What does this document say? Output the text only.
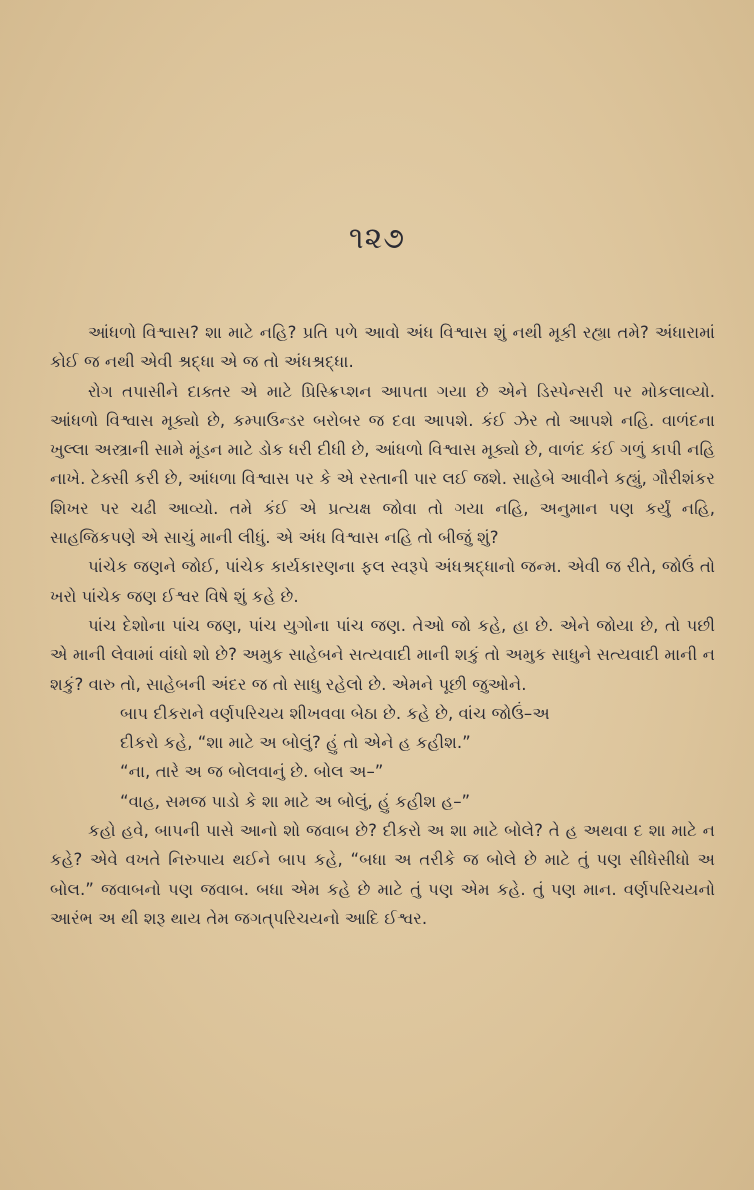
૧૨૭

આંધળો વિશ્વાસ? શા માટે નહિ? પ્રતિ પળે આવો અંધ વિશ્વાસ શું નથી મૂકી રહ્યા તમે? અંધારામાં કોઈ જ નથી એવી શ્રદ્ધા એ જ તો અંધશ્રદ્ધા.

રોગ તપાસીને દાક્તર એ માટે પ્રિસ્ક્રિપ્શન આપતા ગયા છે એને ડિસ્પેન્સરી પર મોકલાવ્યો. આંધળો વિશ્વાસ મૂક્યો છે, કમ્પાઉન્ડર બરોબર જ દવા આપશે. કંઈ ઝેર તો આપશે નહિ. વાળંદના ખુલ્લા અસ્ત્રાની સામે મૂંડન માટે ડોક ધરી દીધી છે, આંધળો વિશ્વાસ મૂક્યો છે, વાળંદ કંઈ ગળું કાપી નહિ નાખે. ટેક્સી કરી છે, આંધળા વિશ્વાસ પર કે એ રસ્તાની પાર લઈ જશે. સાહેબે આવીને કહ્યું, ગૌરીશંકર શિખર પર ચઢી આવ્યો. તમે કંઈ એ પ્રત્યક્ષ જોવા તો ગયા નહિ, અનુમાન પણ કર્યું નહિ, સાહજિકપણે એ સાચું માની લીધું. એ અંધ વિશ્વાસ નહિ તો બીજું શું?

પાંચેક જણને જોઈ, પાંચેક કાર્યકારણના ફલ સ્વરૂપે અંધશ્રદ્ધાનો જન્મ. એવી જ રીતે, જોઉં તો ખરો પાંચેક જણ ઈશ્વર વિષે શું કહે છે.

પાંચ દેશોના પાંચ જણ, પાંચ યુગોના પાંચ જણ. તેઓ જો કહે, હા છે. એને જોયા છે, તો પછી એ માની લેવામાં વાંધો શો છે? અમુક સાહેબને સત્યવાદી માની શકું તો અમુક સાધુને સત્યવાદી માની ન શકું? વારુ તો, સાહેબની અંદર જ તો સાધુ રહેલો છે. એમને પૂછી જુઓને.

બાપ દીકરાને વર્ણપરિચય શીખવવા બેઠા છે. કહે છે, વાંચ જોઉં–અ

દીકરો કહે, “શા માટે અ બોલું? હું તો એને હ કહીશ.”

“ના, તારે અ જ બોલવાનું છે. બોલ અ–”

“વાહ, સમજ પાડો કે શા માટે અ બોલું, હું કહીશ હ–”

કહો હવે, બાપની પાસે આનો શો જવાબ છે? દીકરો અ શા માટે બોલે? તે હ અથવા દ શા માટે ન કહે? એવે વખતે નિરુપાય થઈને બાપ કહે, “બધા અ તરીકે જ બોલે છે માટે તું પણ સીધેસીધો અ બોલ.” જવાબનો પણ જવાબ. બધા એમ કહે છે માટે તું પણ એમ કહે. તું પણ માન. વર્ણપરિચયનો આરંભ અ થી શરૂ થાય તેમ જગત્‌પરિચયનો આદિ ઈશ્વર.
